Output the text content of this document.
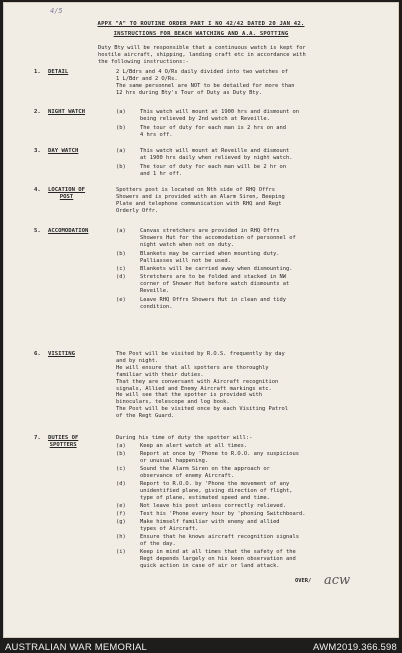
4/5
APPX "A" TO ROUTINE ORDER PART I NO 42/42 DATED 20 JAN 42.
INSTRUCTIONS FOR BEACH WATCHING AND A.A. SPOTTING
Duty Bty will be responsible that a continuous watch is kept for
hostile aircraft, shipping, landing craft etc in accordance with
the following instructions:-
1. DETAIL	2 L/Bdrs and 4 O/Rs daily divided into two watches of
1 L/Bdr and 2 O/Rs.
The same personnel are NOT to be detailed for more than
12 hrs during Bty's Tour of Duty as Duty Bty.
2. NIGHT WATCH	(a)	This watch will mount at 1900 hrs and dismount on
being relieved by 2nd watch at Reveille.
(b)	The tour of duty for each man is 2 hrs on and
4 hrs off.
3. DAY WATCH	(a)	This watch will mount at Reveille and dismount
at 1900 hrs daily when relieved by night watch.
(b)	The tour of duty for each man will be 2 hr on
and 1 hr off.
4. LOCATION OF
POST
Spotters post is located on Nth side of RHQ Offrs
Showers and is provided with an Alarm Siren, Beeping
Plate and telephone communication with RHQ and Regt
Orderly Offr.
5. ACCOMODATION	(a)	Canvas stretchers are provided in RHQ Offrs
Showers Hut for the accomodation of personnel of
night watch when not on duty.
(b)	Blankets may be carried when mounting duty.
Palliasses will not be used.
(c)	Blankets will be carried away when dismounting.
(d)	Stretchers are to be folded and stacked in NW
corner of Shower Hut before watch dismounts at
Reveille.
(e)	Leave RHQ Offrs Showers Hut in clean and tidy
condition.
6. VISITING	The Post will be visited by R.O.S. frequently by day
and by night.
He will ensure that all spotters are thoroughly
familiar with their duties.
That they are conversant with Aircraft recognition
signals, Allied and Enemy Aircraft markings etc.
He will see that the spotter is provided with
binoculars, telescope and log book.
The Post will be visited once by each Visiting Patrol
of the Regt Guard.
7. DUTIES OF
SPOTTERS
During his time of duty the spotter will:-
(a)	Keep an alert watch at all times.
(b)	Report at once by 'Phone to R.O.O. any suspicious
or unusual happening.
(c)	Sound the Alarm Siren on the approach or
observance of enemy Aircraft.
(d)	Report to R.O.O. by 'Phone the movement of any
unidentified plane, giving direction of flight,
type of plane, estimated speed and time.
(e)	Not leave his post unless correctly relieved.
(f)	Test his 'Phone every hour by 'phoning Switchboard.
(g)	Make himself familiar with enemy and allied
types of Aircraft.
(h)	Ensure that he knows aircraft recognition signals
of the day.
(i)	Keep in mind at all times that the safety of the
Regt depends largely on his keen observation and
quick action in case of air or land attack.
OVER/ acw
AUSTRALIAN WAR MEMORIAL	AWM2019.366.598
